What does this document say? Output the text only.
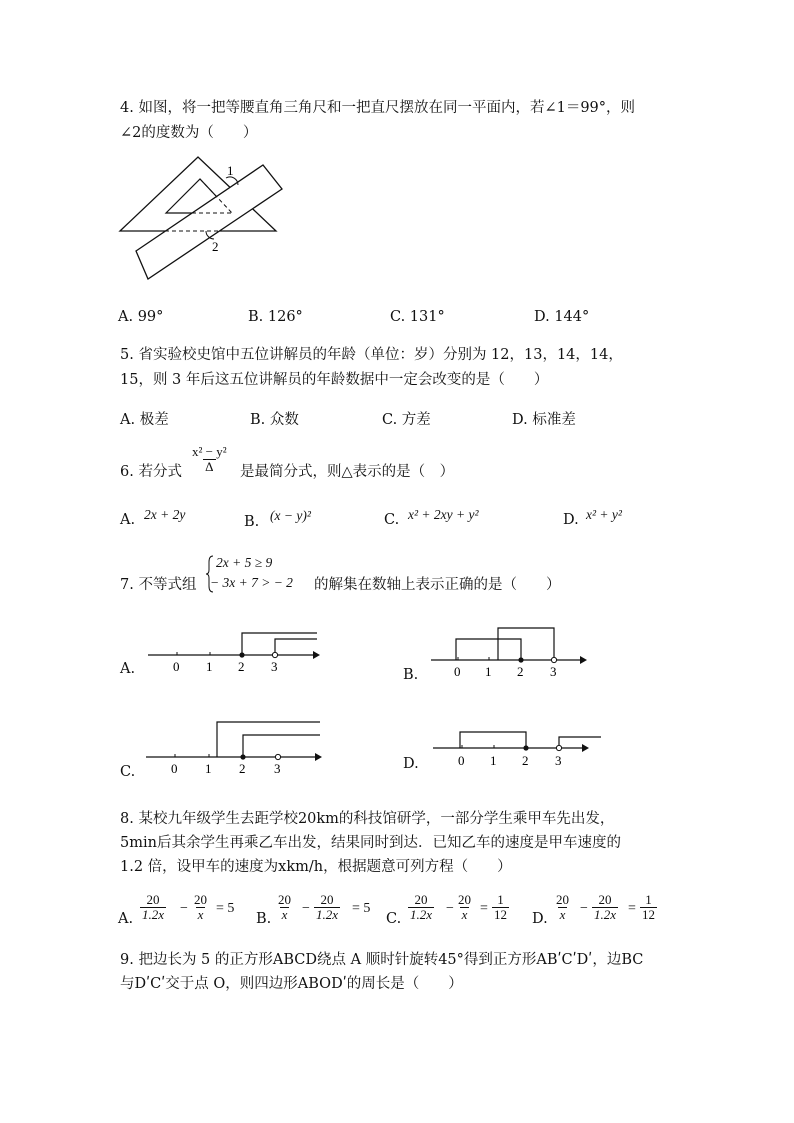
4. 如图，将一把等腰直角三角尺和一把直尺摆放在同一平面内，若∠1＝99°，则
∠2的度数为（　　）
1
2
A. 99°	B. 126°	C. 131°	D. 144°
5. 省实验校史馆中五位讲解员的年龄（单位：岁）分别为 12，13，14，14，
15，则 3 年后这五位讲解员的年龄数据中一定会改变的是（　　）
A. 极差	B. 众数	C. 方差	D. 标准差
6. 若分式 $\frac{\text{x² − y²}}{\Delta}$ 是最简分式，则△表示的是（　）
A. 2x + 2y	B. (x − y)²	C. x² + 2xy + y²	D. x² + y²
7. 不等式组
2x + 5 ≥ 9
− 3x + 7 > − 2 的解集在数轴上表示正确的是（　　）
A.	0 1 2 3
B.	0 1 2 3
C.	0 1 2 3	D.	0 1 2 3
8. 某校九年级学生去距学校20km的科技馆研学，一部分学生乘甲车先出发，
5min后其余学生再乘乙车出发，结果同时到达．已知乙车的速度是甲车速度的
1.2 倍，设甲车的速度为xkm/h，根据题意可列方程（　　）
A. $\frac{20}{1.2x} - \frac{20}{x} = 5$
B. $\frac{20}{x} - \frac{20}{1.2x} = 5$
C. $\frac{20}{1.2x} - \frac{20}{x} = \frac{1}{12} D$. $\frac{20}{x} - \frac{20}{1.2x} = \frac{1}{12}$
9. 把边长为 5 的正方形ABCD绕点 A 顺时针旋转45°得到正方形ABʹCʹDʹ，边BC
与DʹCʹ交于点 O，则四边形ABODʹ的周长是（　　）
